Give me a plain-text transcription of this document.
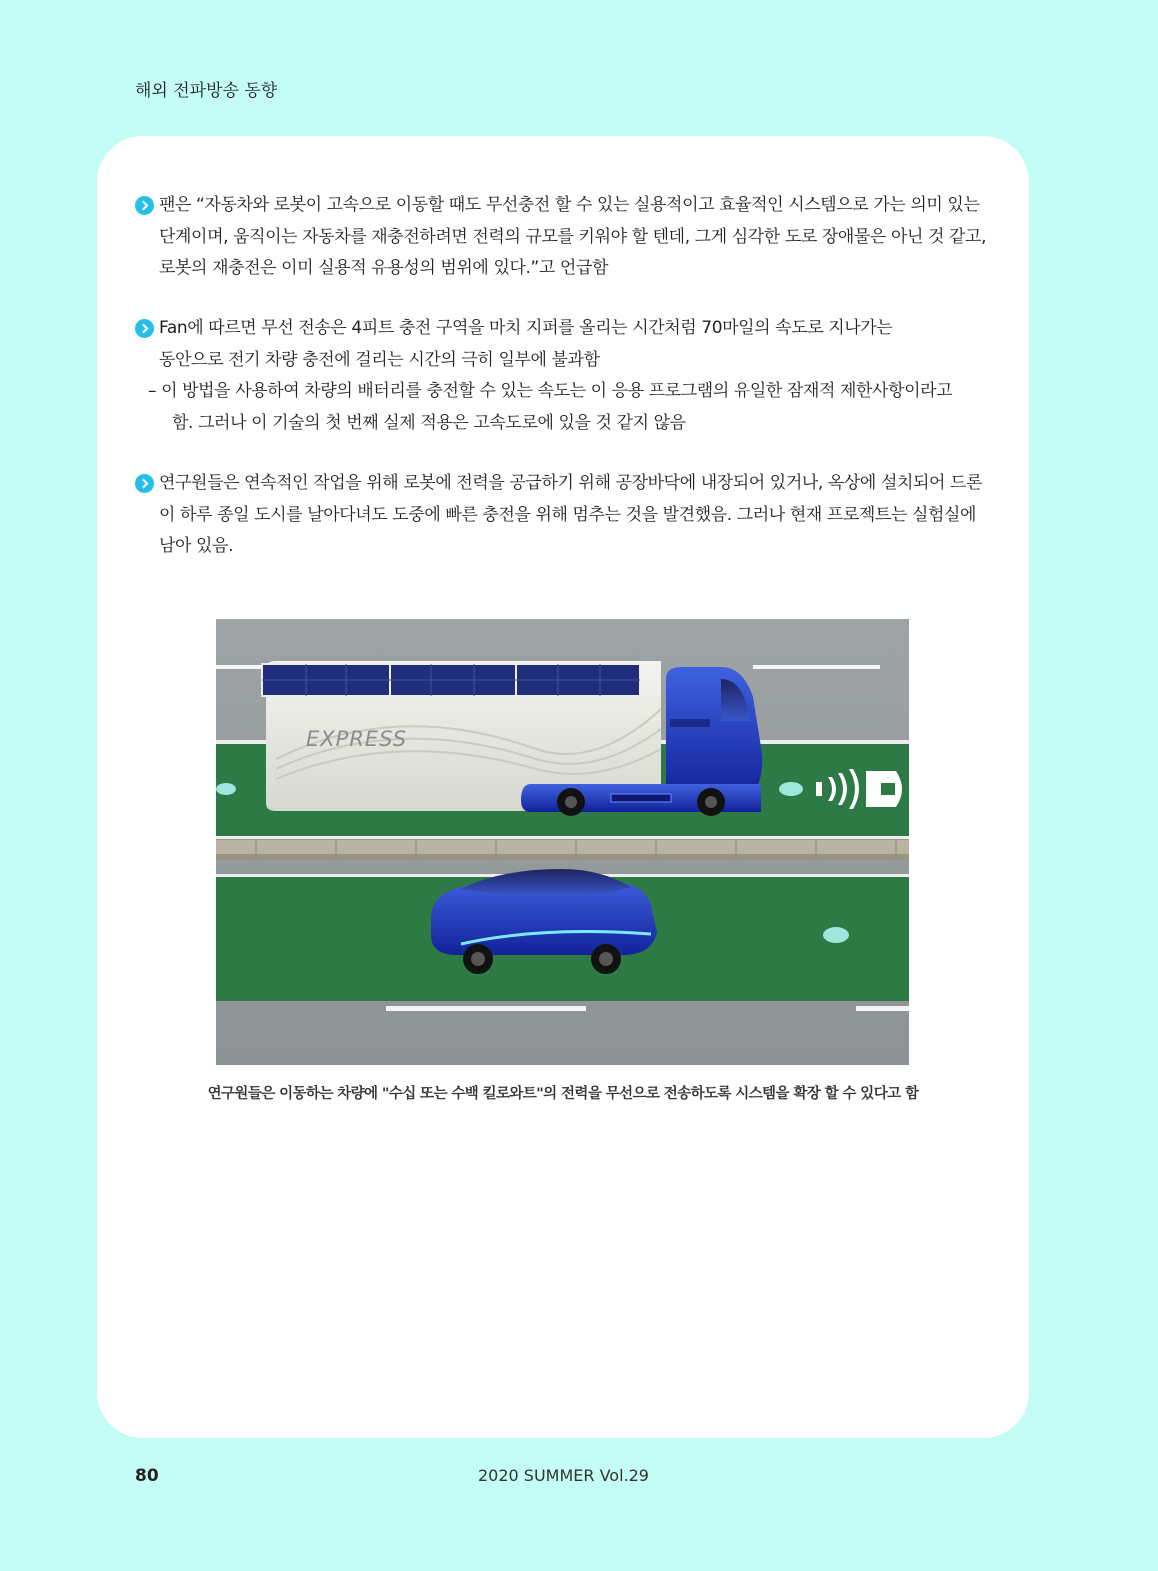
해외 전파방송 동향
팬은 “자동차와 로봇이 고속으로 이동할 때도 무선충전 할 수 있는 실용적이고 효율적인 시스템으로 가는 의미 있는
단계이며, 움직이는 자동차를 재충전하려면 전력의 규모를 키워야 할 텐데, 그게 심각한 도로 장애물은 아닌 것 같고,
로봇의 재충전은 이미 실용적 유용성의 범위에 있다.”고 언급함
Fan에 따르면 무선 전송은 4피트 충전 구역을 마치 지퍼를 올리는 시간처럼 70마일의 속도로 지나가는
동안으로 전기 차량 충전에 걸리는 시간의 극히 일부에 불과함
– 이 방법을 사용하여 차량의 배터리를 충전할 수 있는 속도는 이 응용 프로그램의 유일한 잠재적 제한사항이라고
함. 그러나 이 기술의 첫 번째 실제 적용은 고속도로에 있을 것 같지 않음
연구원들은 연속적인 작업을 위해 로봇에 전력을 공급하기 위해 공장바닥에 내장되어 있거나, 옥상에 설치되어 드론
이 하루 종일 도시를 날아다녀도 도중에 빠른 충전을 위해 멈추는 것을 발견했음. 그러나 현재 프로젝트는 실험실에
남아 있음.
EXPRESS
연구원들은 이동하는 차량에 "수십 또는 수백 킬로와트"의 전력을 무선으로 전송하도록 시스템을 확장 할 수 있다고 함
80	2020 SUMMER Vol.29
